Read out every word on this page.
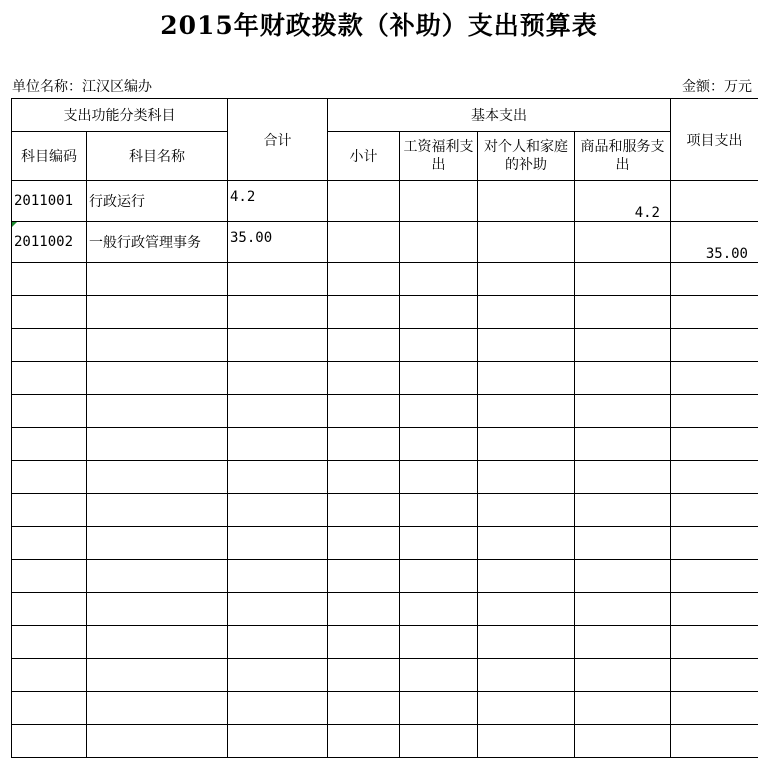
2015年财政拨款（补助）支出预算表
单位名称：江汉区编办	金额：万元
支出功能分类科目		合计	基本支出				项目支出
科目编码	科目名称		小计	工资福利支出	对个人和家庭的补助	商品和服务支出	
2011001	行政运行	4.2				4.2	
2011002	一般行政管理事务	35.00					35.00
